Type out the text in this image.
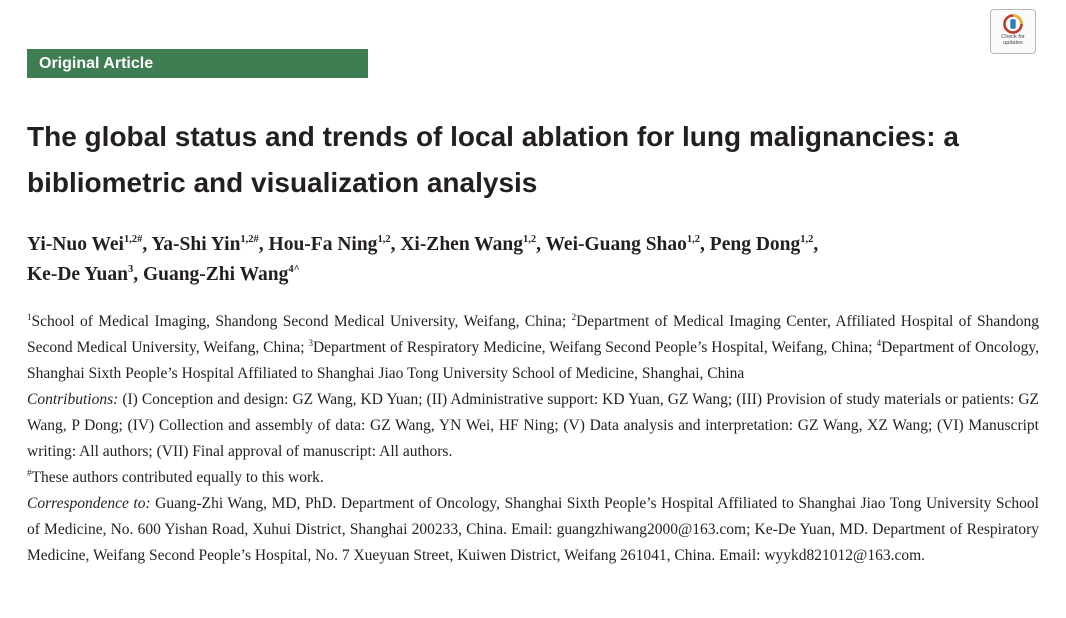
Original Article
Check for
updates
The global status and trends of local ablation for lung malignancies: a bibliometric and visualization analysis

Yi-Nuo Wei$^{1,2\#}$, Ya-Shi Yin$^{1,2\#}$, Hou-Fa Ning$^{1,2}$, Xi-Zhen Wang$^{1,2}$, Wei-Guang Shao$^{1,2}$, Peng Dong$^{1,2}$,
Ke-De Yuan$^3$, Guang-Zhi Wang$^{4\^{}}$

$^1$School of Medical Imaging, Shandong Second Medical University, Weifang, China; $^2$Department of Medical Imaging Center, Affiliated Hospital of Shandong Second Medical University, Weifang, China; $^3$Department of Respiratory Medicine, Weifang Second People’s Hospital, Weifang, China; $^4$Department of Oncology, Shanghai Sixth People’s Hospital Affiliated to Shanghai Jiao Tong University School of Medicine, Shanghai, China

Contributions: (I) Conception and design: GZ Wang, KD Yuan; (II) Administrative support: KD Yuan, GZ Wang; (III) Provision of study materials or patients: GZ Wang, P Dong; (IV) Collection and assembly of data: GZ Wang, YN Wei, HF Ning; (V) Data analysis and interpretation: GZ Wang, XZ Wang; (VI) Manuscript writing: All authors; (VII) Final approval of manuscript: All authors.

#These authors contributed equally to this work.

Correspondence to: Guang-Zhi Wang, MD, PhD. Department of Oncology, Shanghai Sixth People’s Hospital Affiliated to Shanghai Jiao Tong University School of Medicine, No. 600 Yishan Road, Xuhui District, Shanghai 200233, China. Email: guangzhiwang2000@163.com; Ke-De Yuan, MD. Department of Respiratory Medicine, Weifang Second People’s Hospital, No. 7 Xueyuan Street, Kuiwen District, Weifang 261041, China. Email: wyykd821012@163.com.
